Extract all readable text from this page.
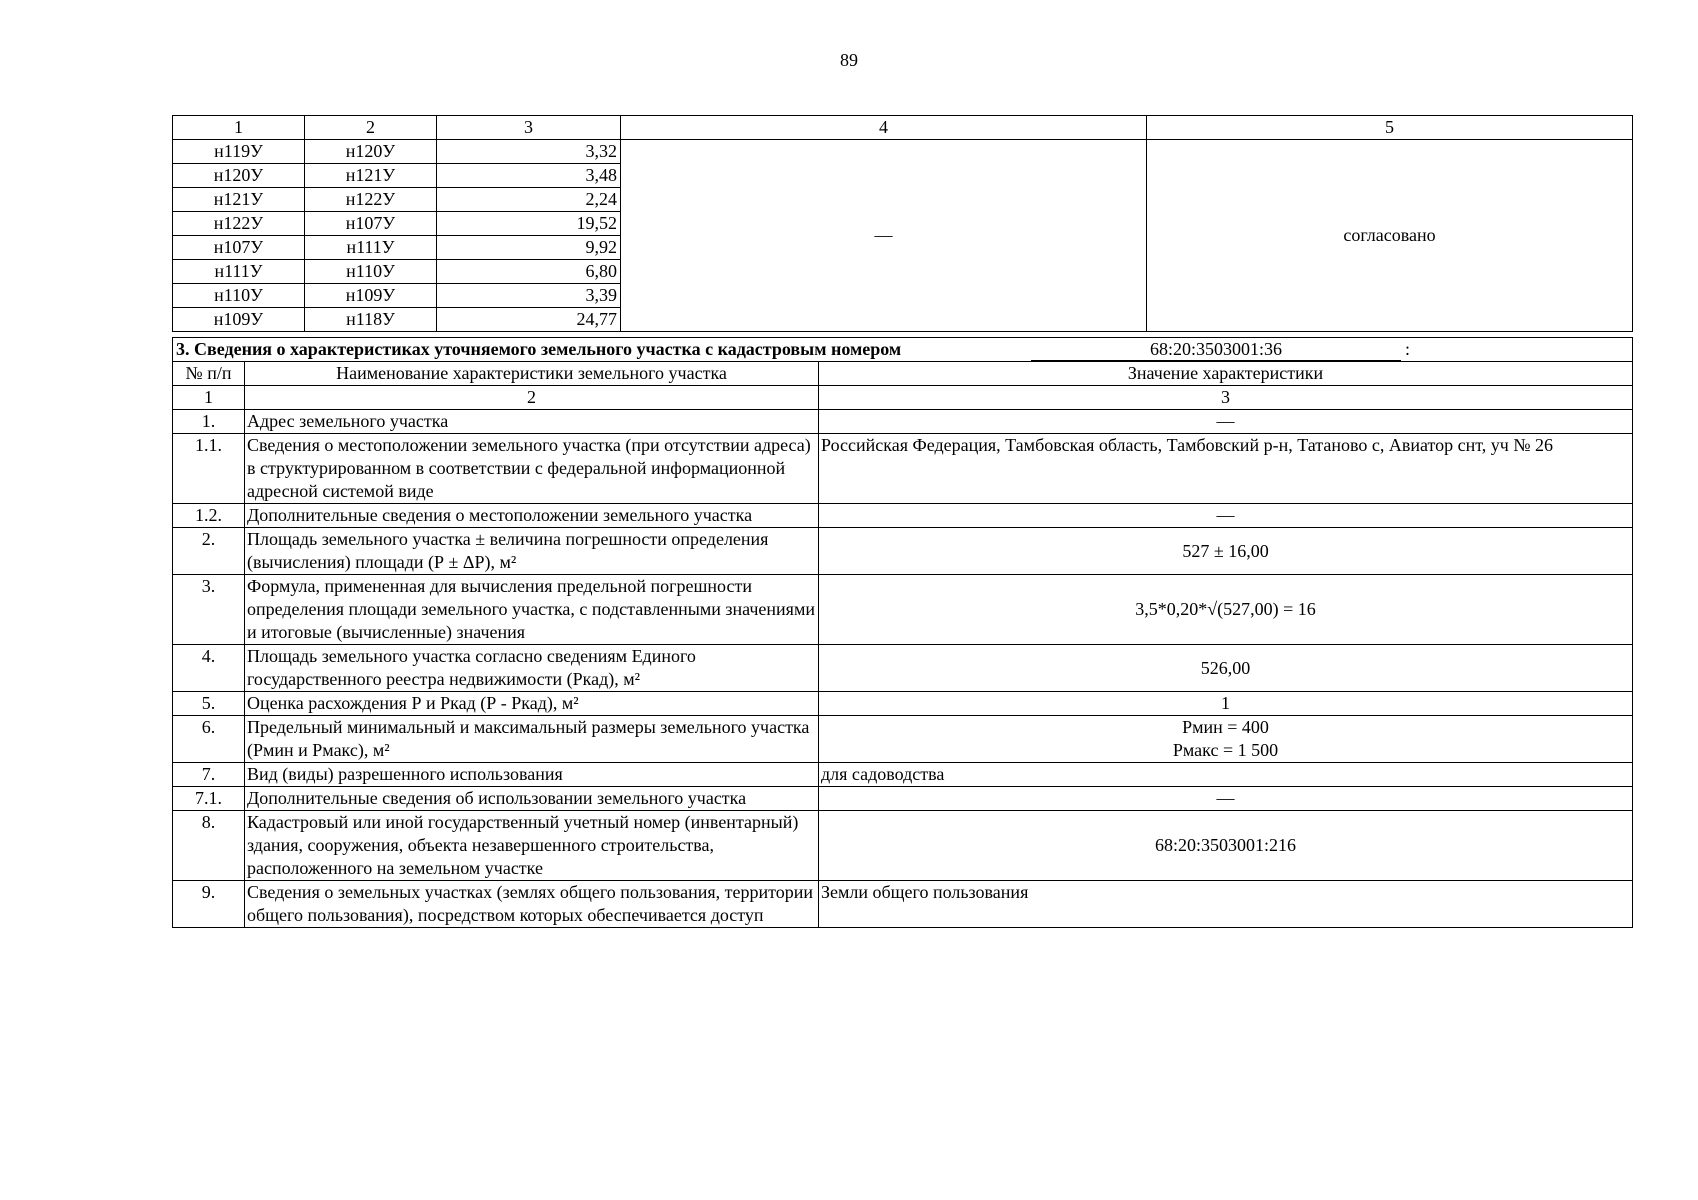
89
1	2	3	4	5
н119У	н120У	3,32	—	согласовано
н120У	н121У	3,48		
н121У	н122У	2,24		
н122У	н107У	19,52		
н107У	н111У	9,92		
н111У	н110У	6,80		
н110У	н109У	3,39		
н109У	н118У	24,77		
3. Сведения о характеристиках уточняемого земельного участка с кадастровым номером 68:20:3503001:36 :		

№ п/п	Наименование характеристики земельного участка	Значение характеристики
1	2	3
1.	Адрес земельного участка	—
1.1.	Сведения о местоположении земельного участка (при отсутствии адреса) в структурированном в соответствии с федеральной информационной адресной системой виде	Российская Федерация, Тамбовская область, Тамбовский р-н, Татаново с, Авиатор снт, уч № 26
1.2.	Дополнительные сведения о местоположении земельного участка	—
2.	Площадь земельного участка ± величина погрешности определения (вычисления) площади (Р ± ΔР), м²	527 ± 16,00
3.	Формула, примененная для вычисления предельной погрешности определения площади земельного участка, с подставленными значениями и итоговые (вычисленные) значения	3,5*0,20*√(527,00) = 16
4.	Площадь земельного участка согласно сведениям Единого государственного реестра недвижимости (Ркад), м²	526,00
5.	Оценка расхождения Р и Ркад (Р - Ркад), м²	1
6.	Предельный минимальный и максимальный размеры земельного участка (Рмин и Рмакс), м²	Рмин = 400
Рмакс = 1 500

7.	Вид (виды) разрешенного использования	для садоводства
7.1.	Дополнительные сведения об использовании земельного участка	—
8.	Кадастровый или иной государственный учетный номер (инвентарный) здания, сооружения, объекта незавершенного строительства, расположенного на земельном участке	68:20:3503001:216
9.	Сведения о земельных участках (землях общего пользования, территории общего пользования), посредством которых обеспечивается доступ	Земли общего пользования
